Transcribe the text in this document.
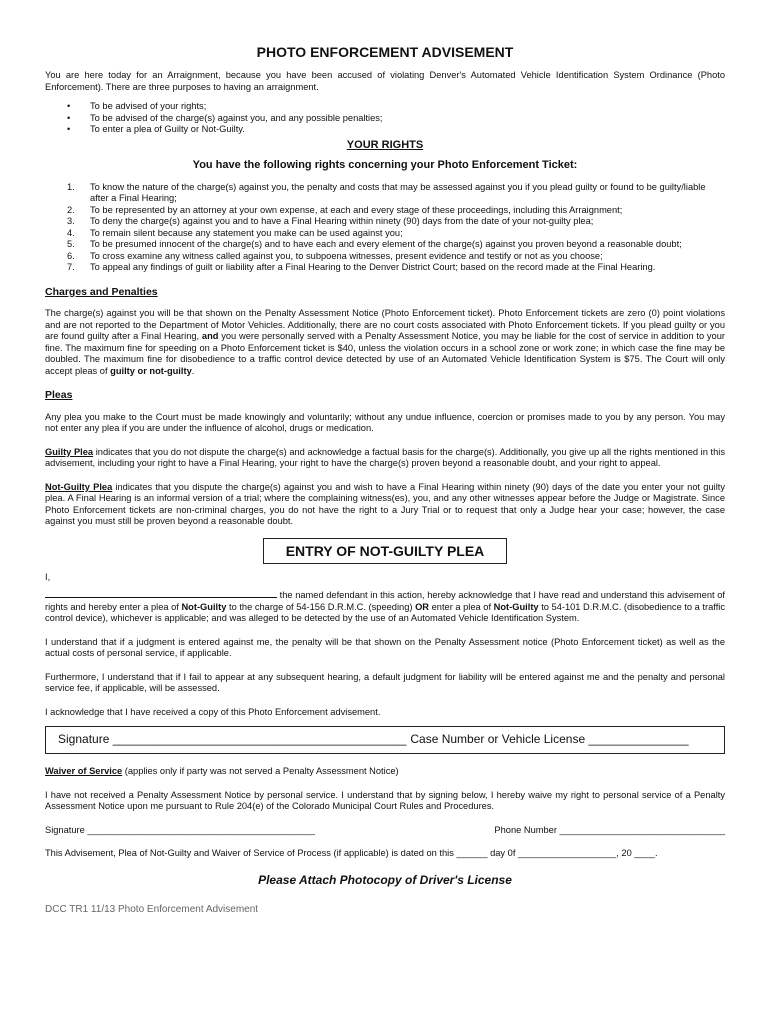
PHOTO ENFORCEMENT ADVISEMENT

You are here today for an Arraignment, because you have been accused of violating Denver's Automated Vehicle Identification System Ordinance (Photo Enforcement). There are three purposes to having an arraignment.

• To be advised of your rights;
• To be advised of the charge(s) against you, and any possible penalties;
• To enter a plea of Guilty or Not-Guilty.
YOUR RIGHTS
You have the following rights concerning your Photo Enforcement Ticket:
1. To know the nature of the charge(s) against you, the penalty and costs that may be assessed against you if you plead guilty or found to be guilty/liable after a Final Hearing;
2. To be represented by an attorney at your own expense, at each and every stage of these proceedings, including this Arraignment;
3. To deny the charge(s) against you and to have a Final Hearing within ninety (90) days from the date of your not-guilty plea;
4. To remain silent because any statement you make can be used against you;
5. To be presumed innocent of the charge(s) and to have each and every element of the charge(s) against you proven beyond a reasonable doubt;
6. To cross examine any witness called against you, to subpoena witnesses, present evidence and testify or not as you choose;
7. To appeal any findings of guilt or liability after a Final Hearing to the Denver District Court; based on the record made at the Final Hearing.
Charges and Penalties

The charge(s) against you will be that shown on the Penalty Assessment Notice (Photo Enforcement ticket). Photo Enforcement tickets are zero (0) point violations and are not reported to the Department of Motor Vehicles. Additionally, there are no court costs associated with Photo Enforcement tickets. If you plead guilty or you are found guilty after a Final Hearing, and you were personally served with a Penalty Assessment Notice, you may be liable for the cost of service in addition to your fine. The maximum fine for speeding on a Photo Enforcement ticket is $40, unless the violation occurs in a school zone or work zone; in which case the fine may be doubled. The maximum fine for disobedience to a traffic control device detected by use of an Automated Vehicle Identification System is $75. The Court will only accept pleas of guilty or not-guilty.

Pleas

Any plea you make to the Court must be made knowingly and voluntarily; without any undue influence, coercion or promises made to you by any person. You may not enter any plea if you are under the influence of alcohol, drugs or medication.

Guilty Plea indicates that you do not dispute the charge(s) and acknowledge a factual basis for the charge(s). Additionally, you give up all the rights mentioned in this advisement, including your right to have a Final Hearing, your right to have the charge(s) proven beyond a reasonable doubt, and your right to appeal.

Not-Guilty Plea indicates that you dispute the charge(s) against you and wish to have a Final Hearing within ninety (90) days of the date you enter your not guilty plea. A Final Hearing is an informal version of a trial; where the complaining witness(es), you, and any other witnesses appear before the Judge or Magistrate. Since Photo Enforcement tickets are non-criminal charges, you do not have the right to a Jury Trial or to request that only a Judge hear your case; however, the case against you must still be proven beyond a reasonable doubt.

ENTRY OF NOT-GUILTY PLEA

I,

the named defendant in this action, hereby acknowledge that I have read and understand this advisement of rights and hereby enter a plea of Not-Guilty to the charge of 54-156 D.R.M.C. (speeding) OR enter a plea of Not-Guilty to 54-101 D.R.M.C. (disobedience to a traffic control device), whichever is applicable; and was alleged to be detected by the use of an Automated Vehicle Identification System.

I understand that if a judgment is entered against me, the penalty will be that shown on the Penalty Assessment notice (Photo Enforcement ticket) as well as the actual costs of personal service, if applicable.

Furthermore, I understand that if I fail to appear at any subsequent hearing, a default judgment for liability will be entered against me and the penalty and personal service fee, if applicable, will be assessed.

I acknowledge that I have received a copy of this Photo Enforcement advisement.

Signature ____________________________________________ Case Number or Vehicle License _______________

Waiver of Service (applies only if party was not served a Penalty Assessment Notice)

I have not received a Penalty Assessment Notice by personal service. I understand that by signing below, I hereby waive my right to personal service of a Penalty Assessment Notice upon me pursuant to Rule 204(e) of the Colorado Municipal Court Rules and Procedures.

Signature ____________________________________________	Phone Number ________________________________

This Advisement, Plea of Not-Guilty and Waiver of Service of Process (if applicable) is dated on this ______ day 0f ___________________, 20 ____.

Please Attach Photocopy of Driver's License
DCC TR1 11/13 Photo Enforcement Advisement
